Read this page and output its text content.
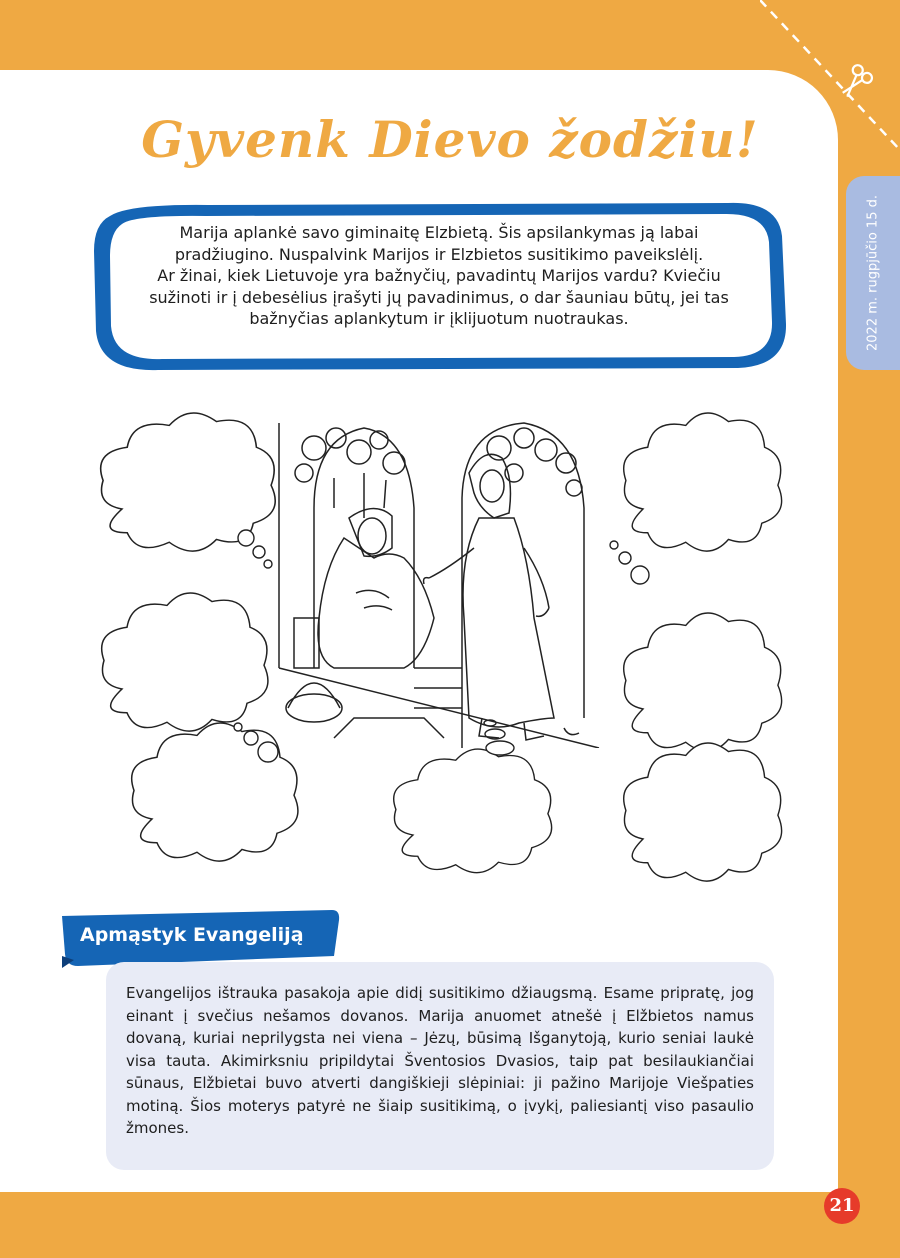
Gyvenk Dievo žodžiu!
2022 m. rugpjūčio 15 d.
Marija aplankė savo giminaitę Elzbietą. Šis apsilankymas ją labai
pradžiugino. Nuspalvink Marijos ir Elzbietos susitikimo paveikslėlį.
Ar žinai, kiek Lietuvoje yra bažnyčių, pavadintų Marijos vardu? Kviečiu
sužinoti ir į debesėlius įrašyti jų pavadinimus, o dar šauniau būtų, jei tas
bažnyčias aplankytum ir įklijuotum nuotraukas.
Apmąstyk Evangeliją

Evangelijos ištrauka pasakoja apie didį susitikimo džiaugsmą. Esame pripratę, jog einant į svečius nešamos dovanos. Marija anuomet atnešė į Elžbietos namus dovaną, kuriai neprilygsta nei viena – Jėzų, būsimą Išganytoją, kurio seniai laukė visa tauta. Akimirksniu pripildytai Šventosios Dvasios, taip pat besilaukiančiai sūnaus, Elžbietai buvo atverti dangiškieji slėpiniai: ji pažino Marijoje Viešpaties motiną. Šios moterys patyrė ne šiaip susitikimą, o įvykį, paliesiantį viso pasaulio žmones.

21
